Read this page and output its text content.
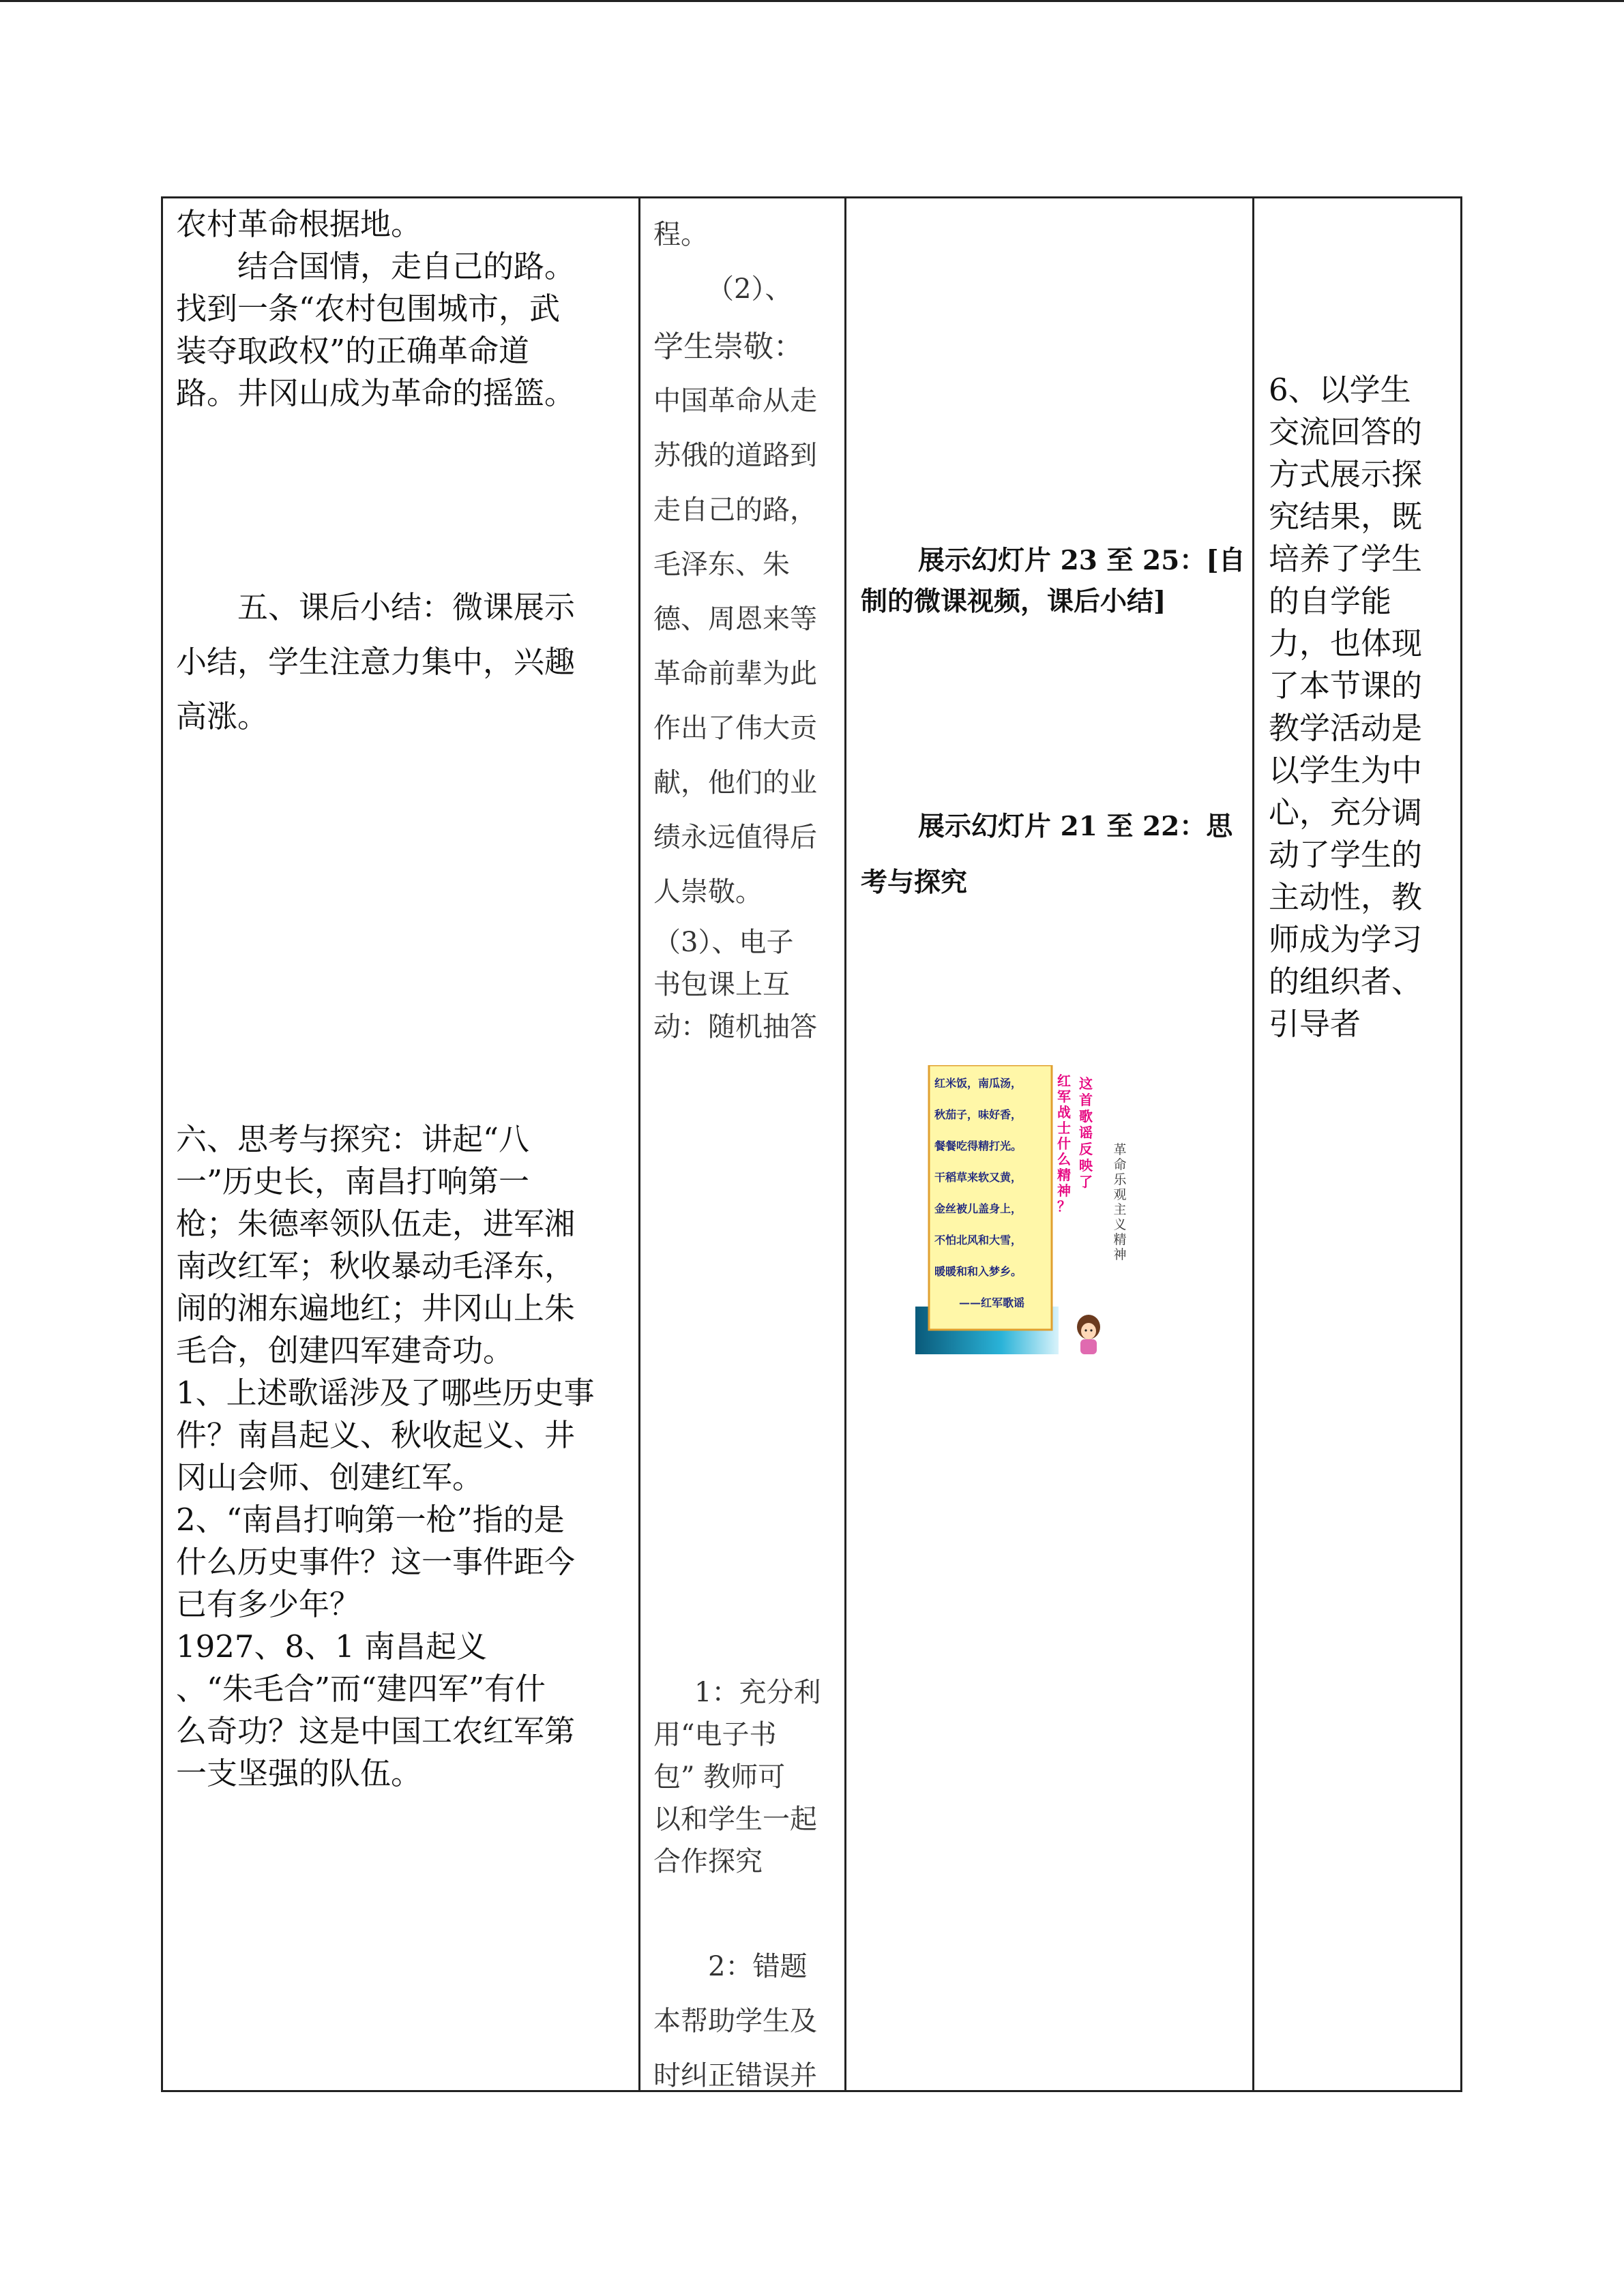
农村革命根据地。

结合国情，走自己的路。

找到一条“农村包围城市，武

装夺取政权”的正确革命道

路。井冈山成为革命的摇篮。

五、课后小结：微课展示

小结，学生注意力集中，兴趣

高涨。

六、思考与探究：讲起“八

一”历史长，南昌打响第一

枪；朱德率领队伍走，进军湘

南改红军；秋收暴动毛泽东，

闹的湘东遍地红；井冈山上朱

毛合，创建四军建奇功。

1、上述歌谣涉及了哪些历史事

件？南昌起义、秋收起义、井

冈山会师、创建红军。

2、“南昌打响第一枪”指的是

什么历史事件？这一事件距今

已有多少年？

1927、8、1 南昌起义

、“朱毛合”而“建四军”有什

么奇功？这是中国工农红军第

一支坚强的队伍。

程。

（2）、

学生崇敬：

中国革命从走

苏俄的道路到

走自己的路，

毛泽东、朱

德、周恩来等

革命前辈为此

作出了伟大贡

献，他们的业

绩永远值得后

人崇敬。

（3）、电子

书包课上互

动：随机抽答

1：充分利

用“电子书

包” 教师可

以和学生一起

合作探究

2：错题

本帮助学生及

时纠正错误并

展示幻灯片 23 至 25：[自

制的微课视频，课后小结]

展示幻灯片 21 至 22：思

考与探究

红米饭，南瓜汤，
秋茄子，味好香，
餐餐吃得精打光。
干稻草来软又黄，
金丝被儿盖身上，
不怕北风和大雪，
暖暖和和入梦乡。
——红军歌谣
这
首
歌
谣
反
映
了
红
军
战
士
什
么
精
神
？
革
命
乐
观
主
义
精
神

6、以学生

交流回答的

方式展示探

究结果，既

培养了学生

的自学能

力，也体现

了本节课的

教学活动是

以学生为中

心，充分调

动了学生的

主动性，教

师成为学习

的组织者、

引导者
